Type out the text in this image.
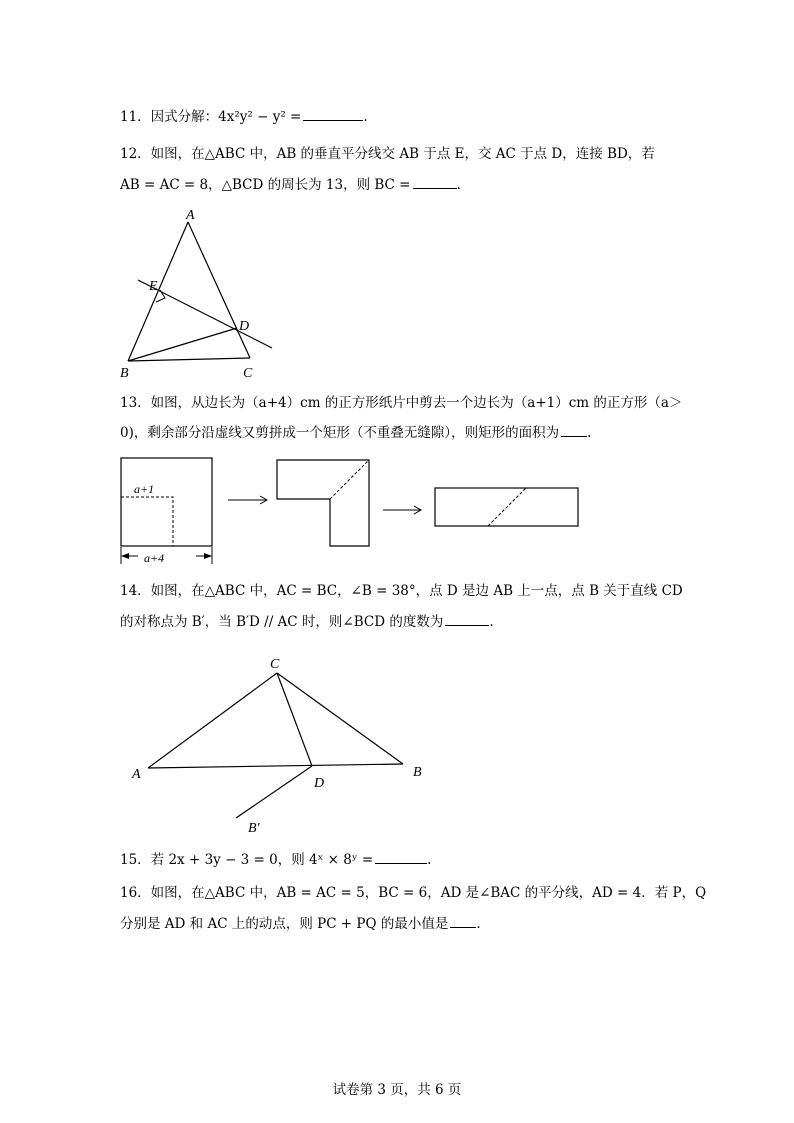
11．因式分解：4x²y² − y² =	.
12．如图，在△ABC 中，AB 的垂直平分线交 AB 于点 E，交 AC 于点 D，连接 BD，若
AB = AC = 8，△BCD 的周长为 13，则 BC =	.
A
E
D
B	C
13．如图，从边长为（a+4）cm 的正方形纸片中剪去一个边长为（a+1）cm 的正方形（a＞
0)，剩余部分沿虚线又剪拼成一个矩形（不重叠无缝隙），则矩形的面积为 .
a+1
a+4
14．如图，在△ABC 中，AC = BC，∠B = 38°，点 D 是边 AB 上一点，点 B 关于直线 CD
的对称点为 B′，当 B′D // AC 时，则∠BCD 的度数为	.
C
A
D
B
B′
15．若 2x + 3y − 3 = 0，则 4ˣ × 8ʸ =	.
16．如图，在△ABC 中，AB = AC = 5，BC = 6，AD 是∠BAC 的平分线，AD = 4．若 P，Q
分别是 AD 和 AC 上的动点，则 PC + PQ 的最小值是 .
试卷第 3 页，共 6 页
